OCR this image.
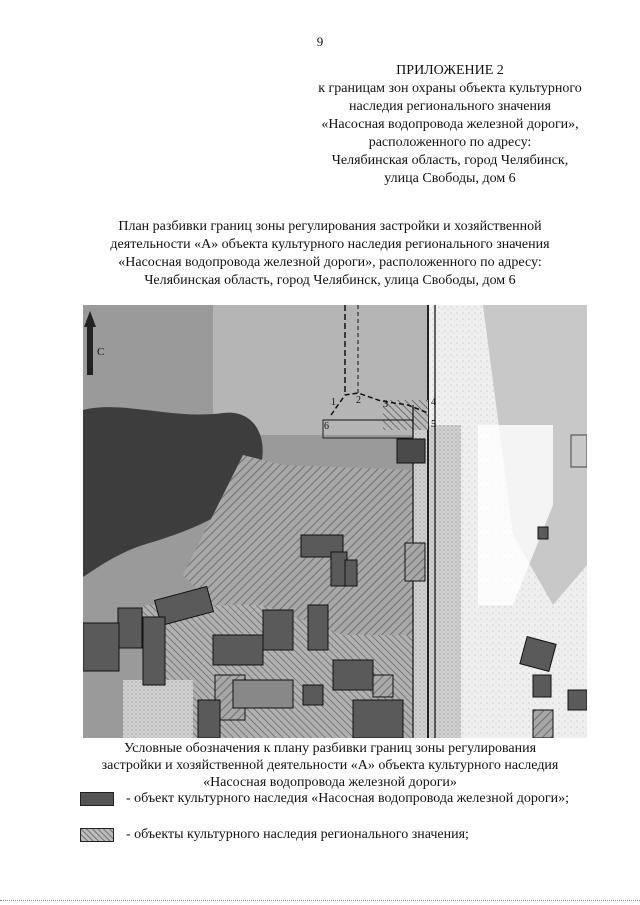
9
ПРИЛОЖЕНИЕ 2
к границам зон охраны объекта культурного
наследия регионального значения
«Насосная водопровода железной дороги»,
расположенного по адресу:
Челябинская область, город Челябинск,
улица Свободы, дом 6
План разбивки границ зоны регулирования застройки и хозяйственной
деятельности «А» объекта культурного наследия регионального значения
«Насосная водопровода железной дороги», расположенного по адресу:
Челябинская область, город Челябинск, улица Свободы, дом 6
С
1 2 3	4
5
6
Условные обозначения к плану разбивки границ зоны регулирования
застройки и хозяйственной деятельности «А» объекта культурного наследия
«Насосная водопровода железной дороги»
- объект культурного наследия «Насосная водопровода железной дороги»;
- объекты культурного наследия регионального значения;
